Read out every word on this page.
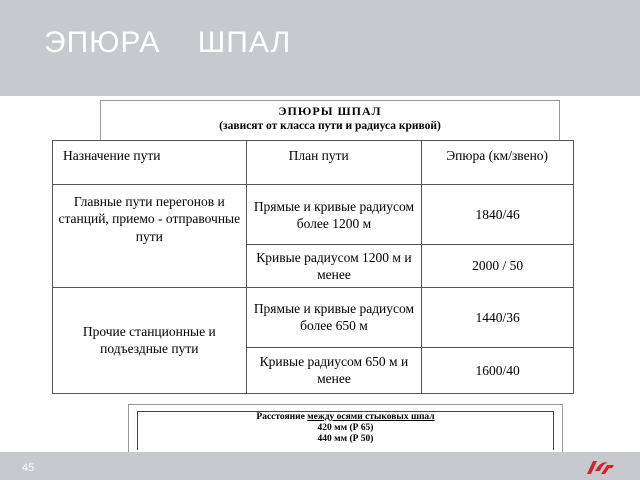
ЭПЮРА    ШПАЛ
ЭПЮРЫ ШПАЛ
(зависят от класса пути и радиуса кривой)
Назначение пути	План пути	Эпюра (км/звено)
Главные пути перегонов и станций, приемо - отправочные пути	Прямые и кривые радиусом более 1200 м	1840/46
	Кривые радиусом 1200 м и менее	2000 / 50
Прочие станционные и подъездные пути	Прямые и кривые радиусом более 650 м	1440/36
	Кривые радиусом 650 м и менее	1600/40
Расстояние между осями стыковых шпал
420 мм (Р 65)
440 мм (Р 50)
45
